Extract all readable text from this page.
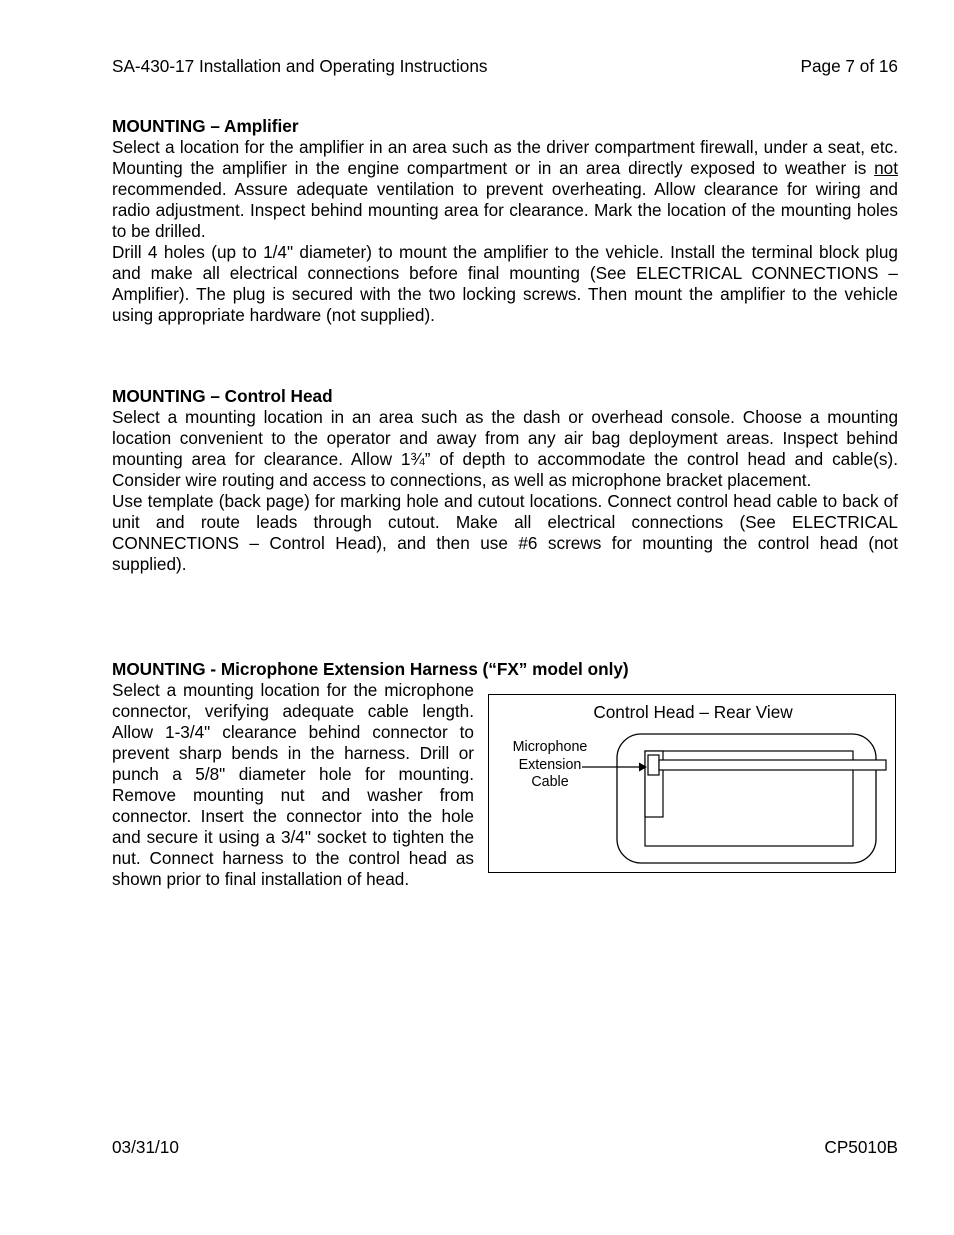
SA-430-17 Installation and Operating Instructions	Page 7 of 16
MOUNTING – Amplifier

Select a location for the amplifier in an area such as the driver compartment firewall, under a seat, etc. Mounting the amplifier in the engine compartment or in an area directly exposed to weather is not recommended. Assure adequate ventilation to prevent overheating. Allow clearance for wiring and radio adjustment. Inspect behind mounting area for clearance. Mark the location of the mounting holes to be drilled.

Drill 4 holes (up to 1/4" diameter) to mount the amplifier to the vehicle. Install the terminal block plug and make all electrical connections before final mounting (See ELECTRICAL CONNECTIONS – Amplifier). The plug is secured with the two locking screws. Then mount the amplifier to the vehicle using appropriate hardware (not supplied).

MOUNTING – Control Head

Select a mounting location in an area such as the dash or overhead console. Choose a mounting location convenient to the operator and away from any air bag deployment areas. Inspect behind mounting area for clearance. Allow 1¾” of depth to accommodate the control head and cable(s). Consider wire routing and access to connections, as well as microphone bracket placement.

Use template (back page) for marking hole and cutout locations. Connect control head cable to back of unit and route leads through cutout. Make all electrical connections (See ELECTRICAL CONNECTIONS – Control Head), and then use #6 screws for mounting the control head (not supplied).

MOUNTING - Microphone Extension Harness (“FX” model only)

Select a mounting location for the microphone connector, verifying adequate cable length. Allow 1-3/4" clearance behind connector to prevent sharp bends in the harness. Drill or punch a 5/8" diameter hole for mounting. Remove mounting nut and washer from connector. Insert the connector into the hole and secure it using a 3/4" socket to tighten the nut. Connect harness to the control head as shown prior to final installation of head.

Control Head – Rear View
Microphone
Extension
Cable
03/31/10	CP5010B
